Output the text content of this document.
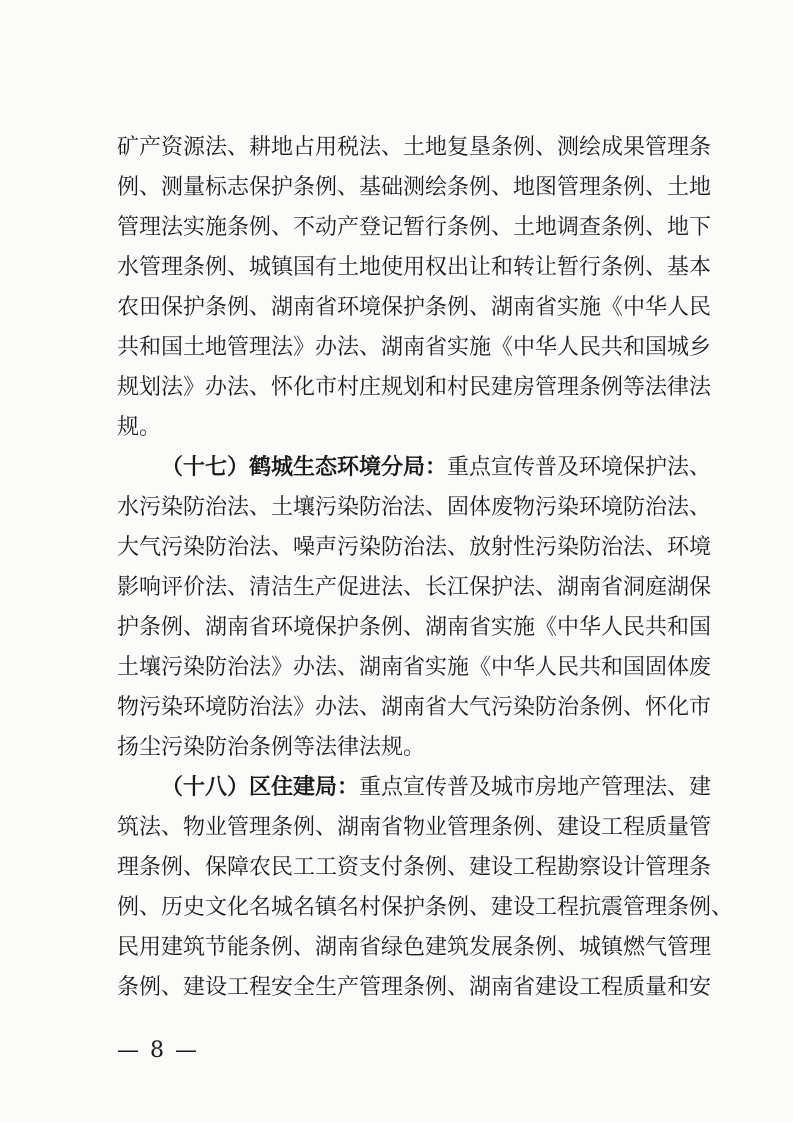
矿产资源法、耕地占用税法、土地复垦条例、测绘成果管理条
例、测量标志保护条例、基础测绘条例、地图管理条例、土地
管理法实施条例、不动产登记暂行条例、土地调查条例、地下
水管理条例、城镇国有土地使用权出让和转让暂行条例、基本
农田保护条例、湖南省环境保护条例、湖南省实施《中华人民
共和国土地管理法》办法、湖南省实施《中华人民共和国城乡
规划法》办法、怀化市村庄规划和村民建房管理条例等法律法
规。
（十七）鹤城生态环境分局：重点宣传普及环境保护法、
水污染防治法、土壤污染防治法、固体废物污染环境防治法、
大气污染防治法、噪声污染防治法、放射性污染防治法、环境
影响评价法、清洁生产促进法、长江保护法、湖南省洞庭湖保
护条例、湖南省环境保护条例、湖南省实施《中华人民共和国
土壤污染防治法》办法、湖南省实施《中华人民共和国固体废
物污染环境防治法》办法、湖南省大气污染防治条例、怀化市
扬尘污染防治条例等法律法规。
（十八）区住建局：重点宣传普及城市房地产管理法、建
筑法、物业管理条例、湖南省物业管理条例、建设工程质量管
理条例、保障农民工工资支付条例、建设工程勘察设计管理条
例、历史文化名城名镇名村保护条例、建设工程抗震管理条例、
民用建筑节能条例、湖南省绿色建筑发展条例、城镇燃气管理
条例、建设工程安全生产管理条例、湖南省建设工程质量和安
— 8 —
